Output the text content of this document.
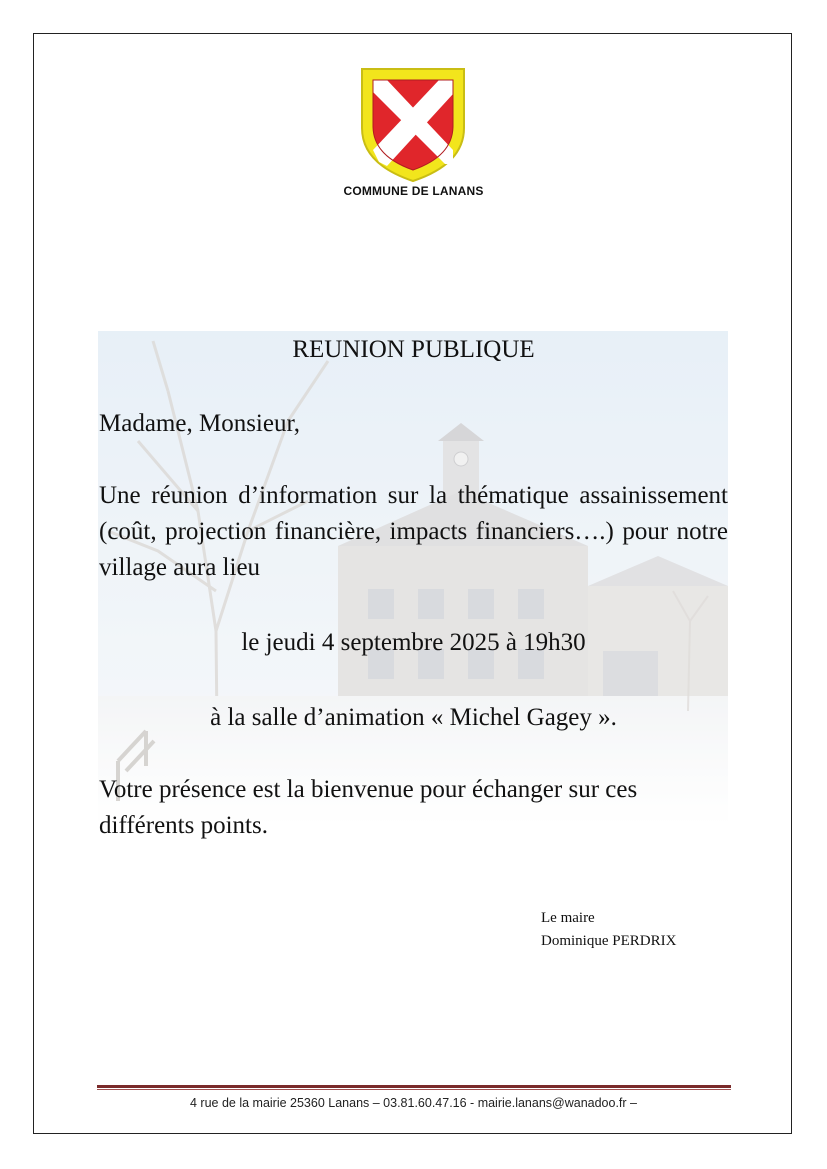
COMMUNE DE LANANS
REUNION PUBLIQUE
Madame, Monsieur,
Une réunion d’information sur la thématique assainissement (coût, projection financière, impacts financiers….) pour notre village aura lieu
le jeudi 4 septembre 2025 à 19h30
à la salle d’animation « Michel Gagey ».
Votre présence est la bienvenue pour échanger sur ces différents points.
Le maire
Dominique PERDRIX
4 rue de la mairie 25360 Lanans – 03.81.60.47.16 - mairie.lanans@wanadoo.fr –
